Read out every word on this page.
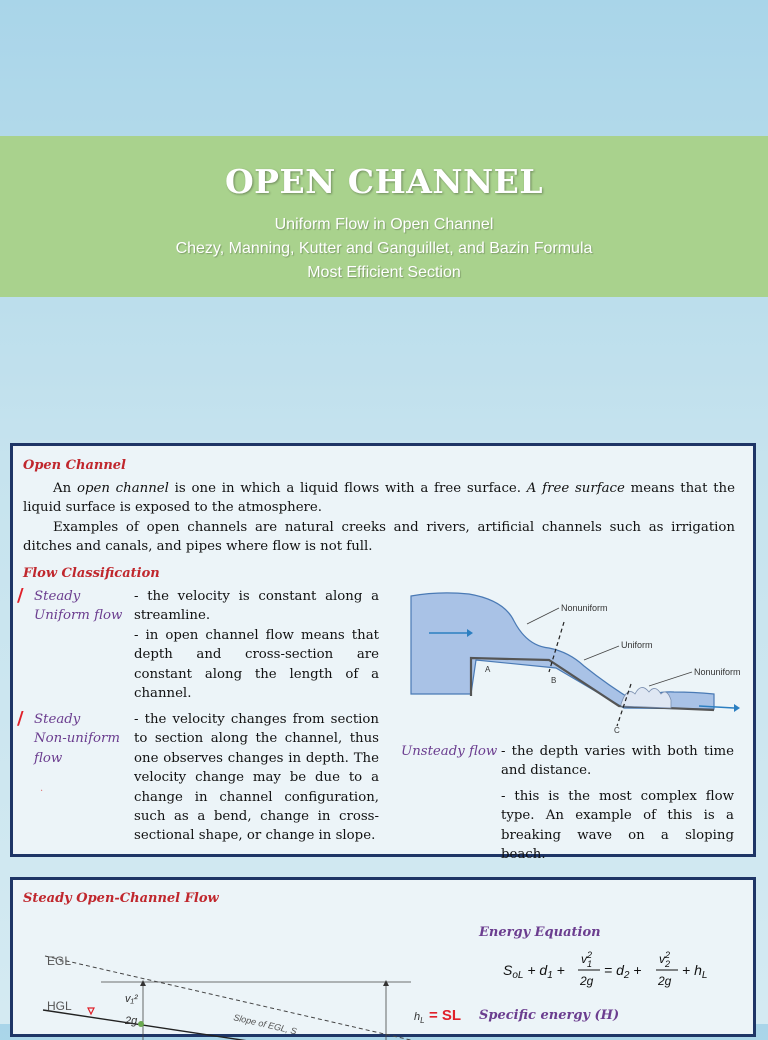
OPEN CHANNEL
Uniform Flow in Open Channel
Chezy, Manning, Kutter and Ganguillet, and Bazin Formula
Most Efficient Section
Open Channel

An open channel is one in which a liquid flows with a free surface. A free surface means that the liquid surface is exposed to the atmosphere.

Examples of open channels are natural creeks and rivers, artificial channels such as irrigation ditches and canals, and pipes where flow is not full.

Flow Classification
/ Steady
Uniform flow
- the velocity is constant along a streamline.
- in open channel flow means that depth and cross-section are constant along the length of a channel.
/ Steady
Non-uniform
flow
·
- the velocity changes from section to section along the channel, thus one observes changes in depth. The velocity change may be due to a change in channel configuration, such as a bend, change in cross-sectional shape, or change in slope.
Nonuniform
Uniform
Nonuniform
A
B
C
Unsteady flow - the depth varies with both time and distance.
- this is the most complex flow type. An example of this is a breaking wave on a sloping beach.
Steady Open-Channel Flow
EGL
HGL
Slope of EGL, S
v₁²
2g	$h_L$ = SL
Energy Equation
$S_{oL} + d_1$ +
$v^2$ 1
2g
= $d_2$ +
$v^2$ 2
2g
+ $h_L$
Specific energy (H)
